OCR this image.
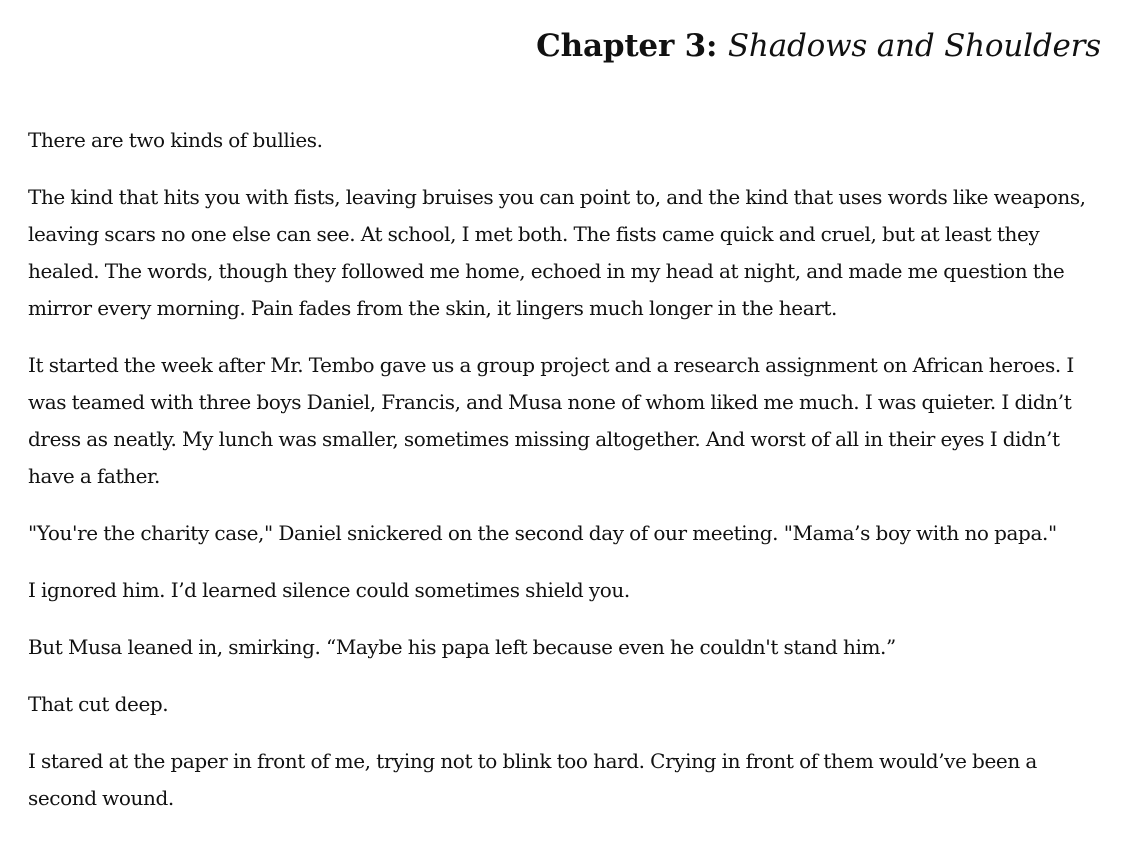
Chapter 3: Shadows and Shoulders

There are two kinds of bullies.

The kind that hits you with fists, leaving bruises you can point to, and the kind that uses words like weapons, leaving scars no one else can see. At school, I met both. The fists came quick and cruel, but at least they healed. The words, though they followed me home, echoed in my head at night, and made me question the mirror every morning. Pain fades from the skin, it lingers much longer in the heart.

It started the week after Mr. Tembo gave us a group project and a research assignment on African heroes. I was teamed with three boys Daniel, Francis, and Musa none of whom liked me much. I was quieter. I didn’t dress as neatly. My lunch was smaller, sometimes missing altogether. And worst of all in their eyes I didn’t have a father.

"You're the charity case," Daniel snickered on the second day of our meeting. "Mama’s boy with no papa."

I ignored him. I’d learned silence could sometimes shield you.

But Musa leaned in, smirking. “Maybe his papa left because even he couldn't stand him.”

That cut deep.

I stared at the paper in front of me, trying not to blink too hard. Crying in front of them would’ve been a second wound.
